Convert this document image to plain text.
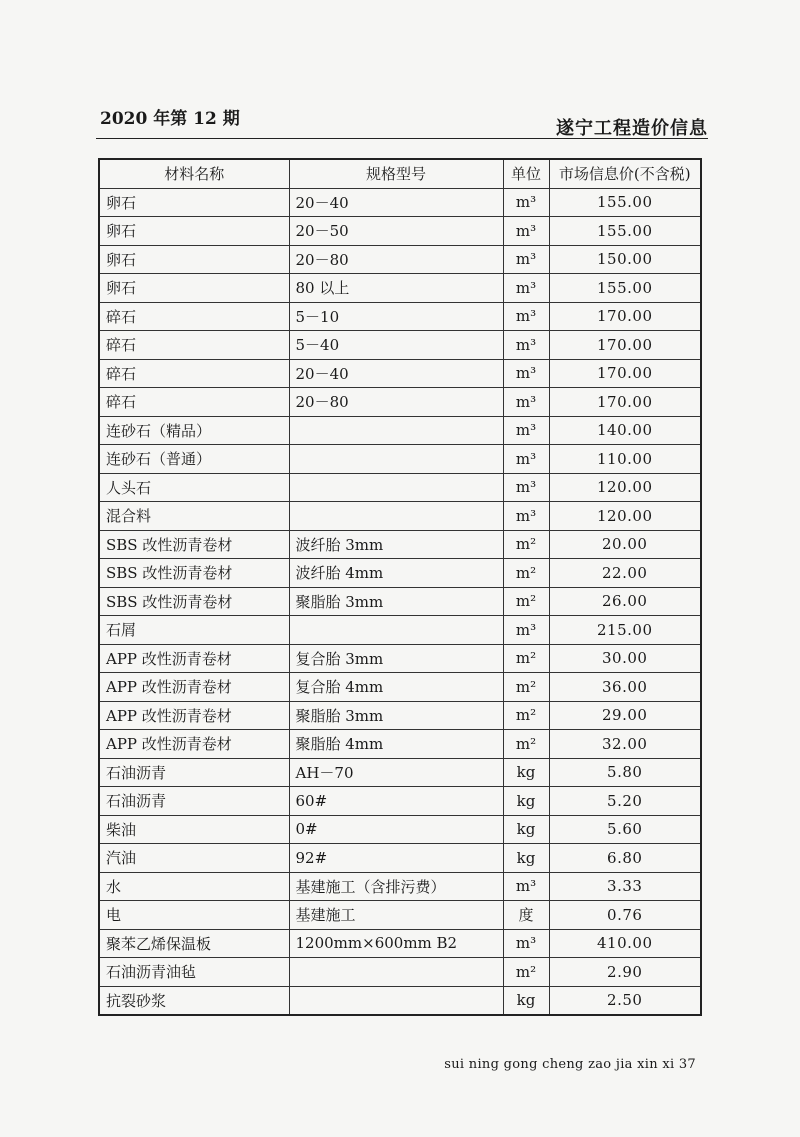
2020 年第 12 期	遂宁工程造价信息
材料名称	规格型号	单位	市场信息价(不含税)
卵石	20－40	m³	155.00
卵石	20－50	m³	155.00
卵石	20－80	m³	150.00
卵石	80 以上	m³	155.00
碎石	5－10	m³	170.00
碎石	5－40	m³	170.00
碎石	20－40	m³	170.00
碎石	20－80	m³	170.00
连砂石（精品）		m³	140.00
连砂石（普通）		m³	110.00
人头石		m³	120.00
混合料		m³	120.00
SBS 改性沥青卷材	波纤胎 3mm	m²	20.00
SBS 改性沥青卷材	波纤胎 4mm	m²	22.00
SBS 改性沥青卷材	聚脂胎 3mm	m²	26.00
石屑		m³	215.00
APP 改性沥青卷材	复合胎 3mm	m²	30.00
APP 改性沥青卷材	复合胎 4mm	m²	36.00
APP 改性沥青卷材	聚脂胎 3mm	m²	29.00
APP 改性沥青卷材	聚脂胎 4mm	m²	32.00
石油沥青	AH－70	kg	5.80
石油沥青	60#	kg	5.20
柴油	0#	kg	5.60
汽油	92#	kg	6.80
水	基建施工（含排污费）	m³	3.33
电	基建施工	度	0.76
聚苯乙烯保温板	1200mm×600mm B2	m³	410.00
石油沥青油毡		m²	2.90
抗裂砂浆		kg	2.50
sui ning gong cheng zao jia xin xi 37
